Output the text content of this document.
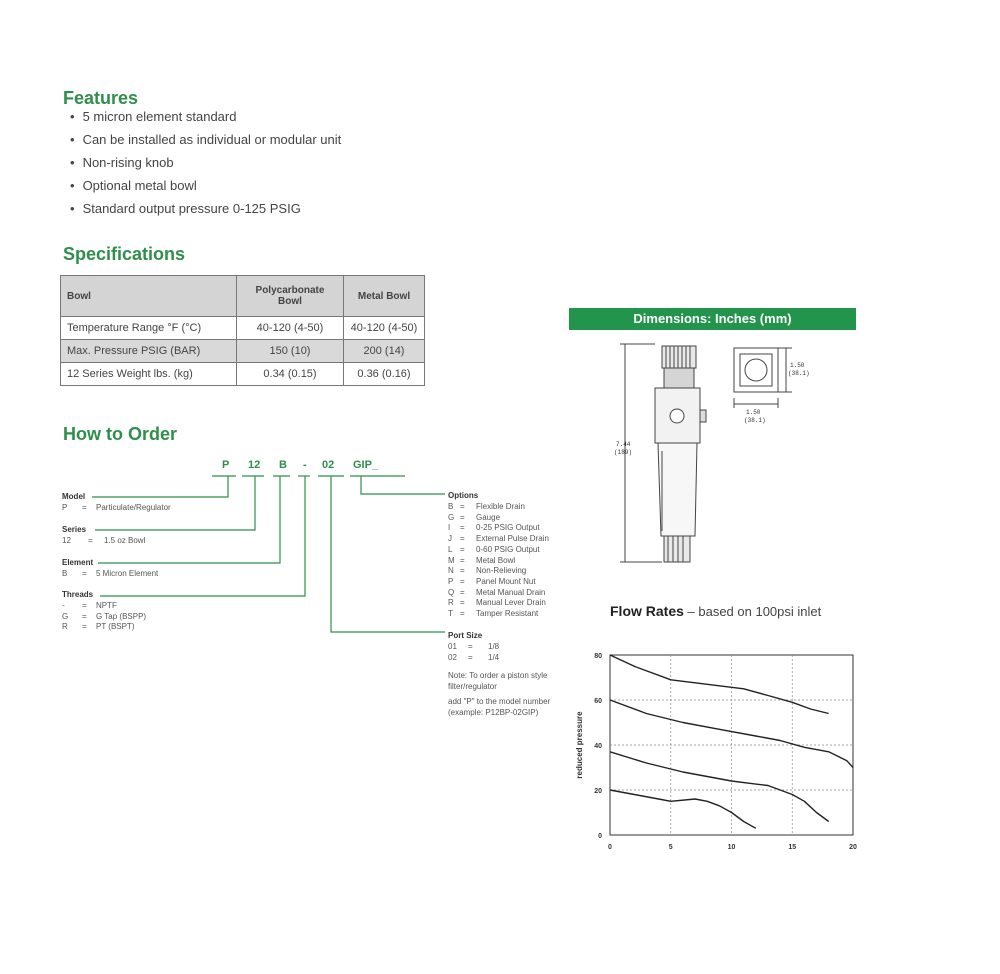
Features
• 5 micron element standard
• Can be installed as individual or modular unit
• Non-rising knob
• Optional metal bowl
• Standard output pressure 0-125 PSIG
Specifications
Bowl	Polycarbonate Bowl	Metal Bowl
Temperature Range °F (°C)	40-120 (4-50)	40-120 (4-50)
Max. Pressure PSIG (BAR)	150 (10)	200 (14)
12 Series Weight lbs. (kg)	0.34 (0.15)	0.36 (0.16)
How to Order
P 12 B - 02 GIP_
Model
P = Particulate/Regulator
Series
12 = 1.5 oz Bowl
Element
B = 5 Micron Element
Threads
- = NPTF
G = G Tap (BSPP)
R = PT (BSPT)
Options
B = Flexible Drain
G = Gauge
I = 0-25 PSIG Output
J = External Pulse Drain
L = 0-60 PSIG Output
M = Metal Bowl
N = Non-Relieving
P = Panel Mount Nut
Q = Metal Manual Drain
R = Manual Lever Drain
T = Tamper Resistant
Port Size
01 = 1/8
02 = 1/4
Note: To order a piston style filter/regulator
add "P" to the model number (example: P12BP-02GIP)
Dimensions: Inches (mm)
7.44
(189)
1.50
(38.1)
1.50
(38.1)
Flow Rates – based on 100psi inlet
0	5	10	15	20
0
20
40
60
80
reduced pressure
